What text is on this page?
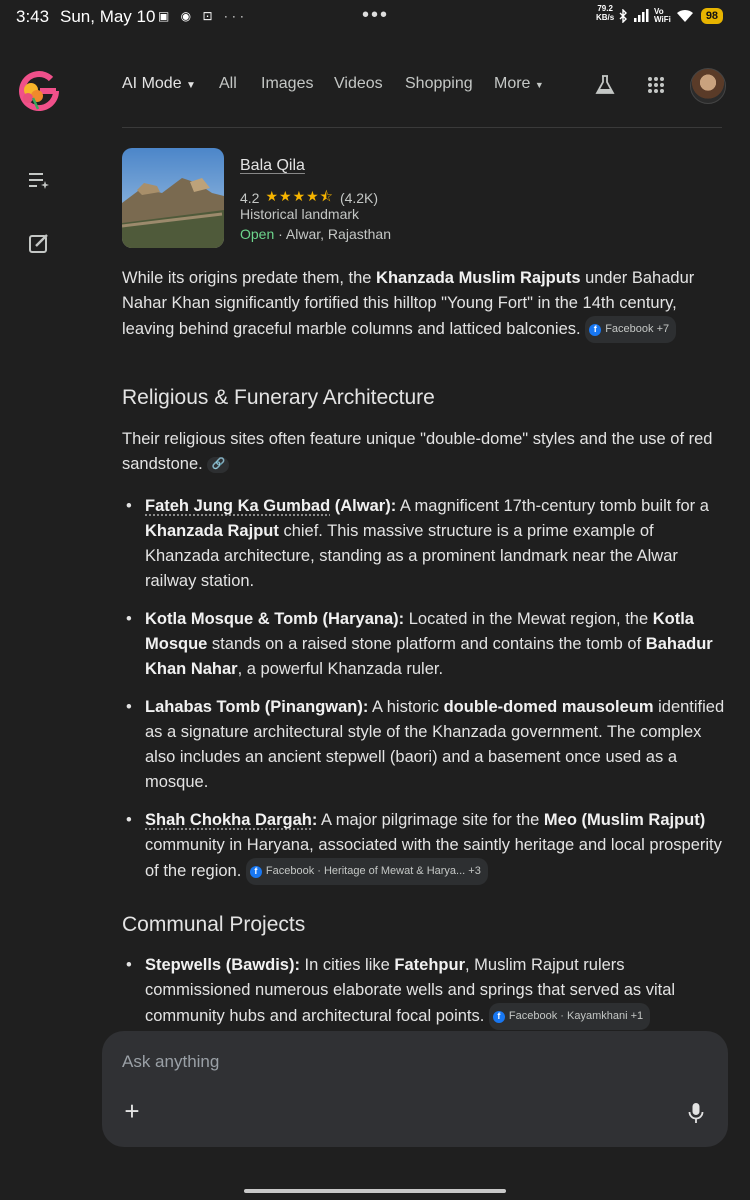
3:43 Sun, May 10 ▣ ◉ ⊡ ···	•••	79.2
KB/s
Vo
WiFi	98
AI Mode ▼ All Images Videos Shopping More ▼
Bala Qila
4.2 ★★★★⯪ (4.2K)
Historical landmark
Open · Alwar, Rajasthan

While its origins predate them, the Khanzada Muslim Rajputs under Bahadur Nahar Khan significantly fortified this hilltop "Young Fort" in the 14th century, leaving behind graceful marble columns and latticed balconies. f Facebook +7

Religious & Funerary Architecture

Their religious sites often feature unique "double-dome" styles and the use of red sandstone. 🔗

• Fateh Jung Ka Gumbad (Alwar): A magnificent 17th-century tomb built for a Khanzada Rajput chief. This massive structure is a prime example of Khanzada architecture, standing as a prominent landmark near the Alwar railway station.
• Kotla Mosque & Tomb (Haryana): Located in the Mewat region, the Kotla Mosque stands on a raised stone platform and contains the tomb of Bahadur Khan Nahar, a powerful Khanzada ruler.
• Lahabas Tomb (Pinangwan): A historic double-domed mausoleum identified as a signature architectural style of the Khanzada government. The complex also includes an ancient stepwell (baori) and a basement once used as a mosque.
• Shah Chokha Dargah: A major pilgrimage site for the Meo (Muslim Rajput) community in Haryana, associated with the saintly heritage and local prosperity of the region. f Facebook · Heritage of Mewat & Harya... +3
Communal Projects
• Stepwells (Bawdis): In cities like Fatehpur, Muslim Rajput rulers commissioned numerous elaborate wells and springs that served as vital community hubs and architectural focal points. f Facebook · Kayamkhani +1
Ask anything
+
